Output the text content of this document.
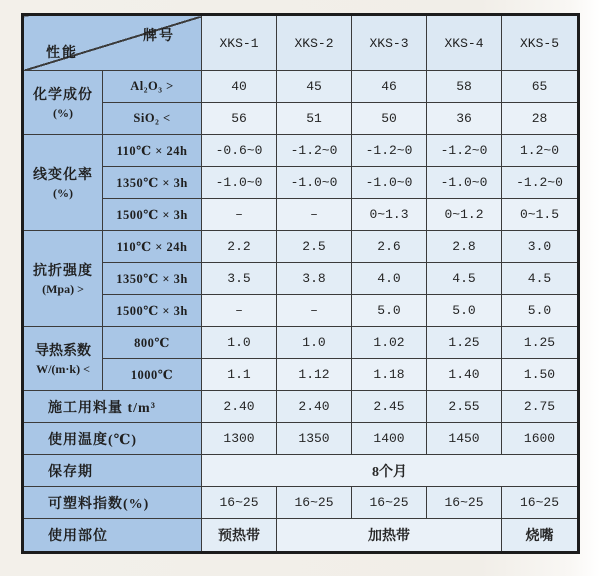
牌号
性能		XKS-1	XKS-2	XKS-3	XKS-4	XKS-5
化学成份
(%)	Al₂O₃ >	40	45	46	58	65
	SiO₂ <	56	51	50	36	28
线变化率
(%)	110℃ × 24h	-0.6~0	-1.2~0	-1.2~0	-1.2~0	1.2~0
	1350℃ × 3h	-1.0~0	-1.0~0	-1.0~0	-1.0~0	-1.2~0
	1500℃ × 3h	–	–	0~1.3	0~1.2	0~1.5
抗折强度
(Mpa) >	110℃ × 24h	2.2	2.5	2.6	2.8	3.0
	1350℃ × 3h	3.5	3.8	4.0	4.5	4.5
	1500℃ × 3h	–	–	5.0	5.0	5.0
导热系数
W/(m·k) <	800℃	1.0	1.0	1.02	1.25	1.25
	1000℃	1.1	1.12	1.18	1.40	1.50
施工用料量 t/m³		2.40	2.40	2.45	2.55	2.75
使用温度(℃)		1300	1350	1400	1450	1600
保存期		8个月				
可塑料指数(%)		16~25	16~25	16~25	16~25	16~25
使用部位		预热带	加热带			烧嘴
